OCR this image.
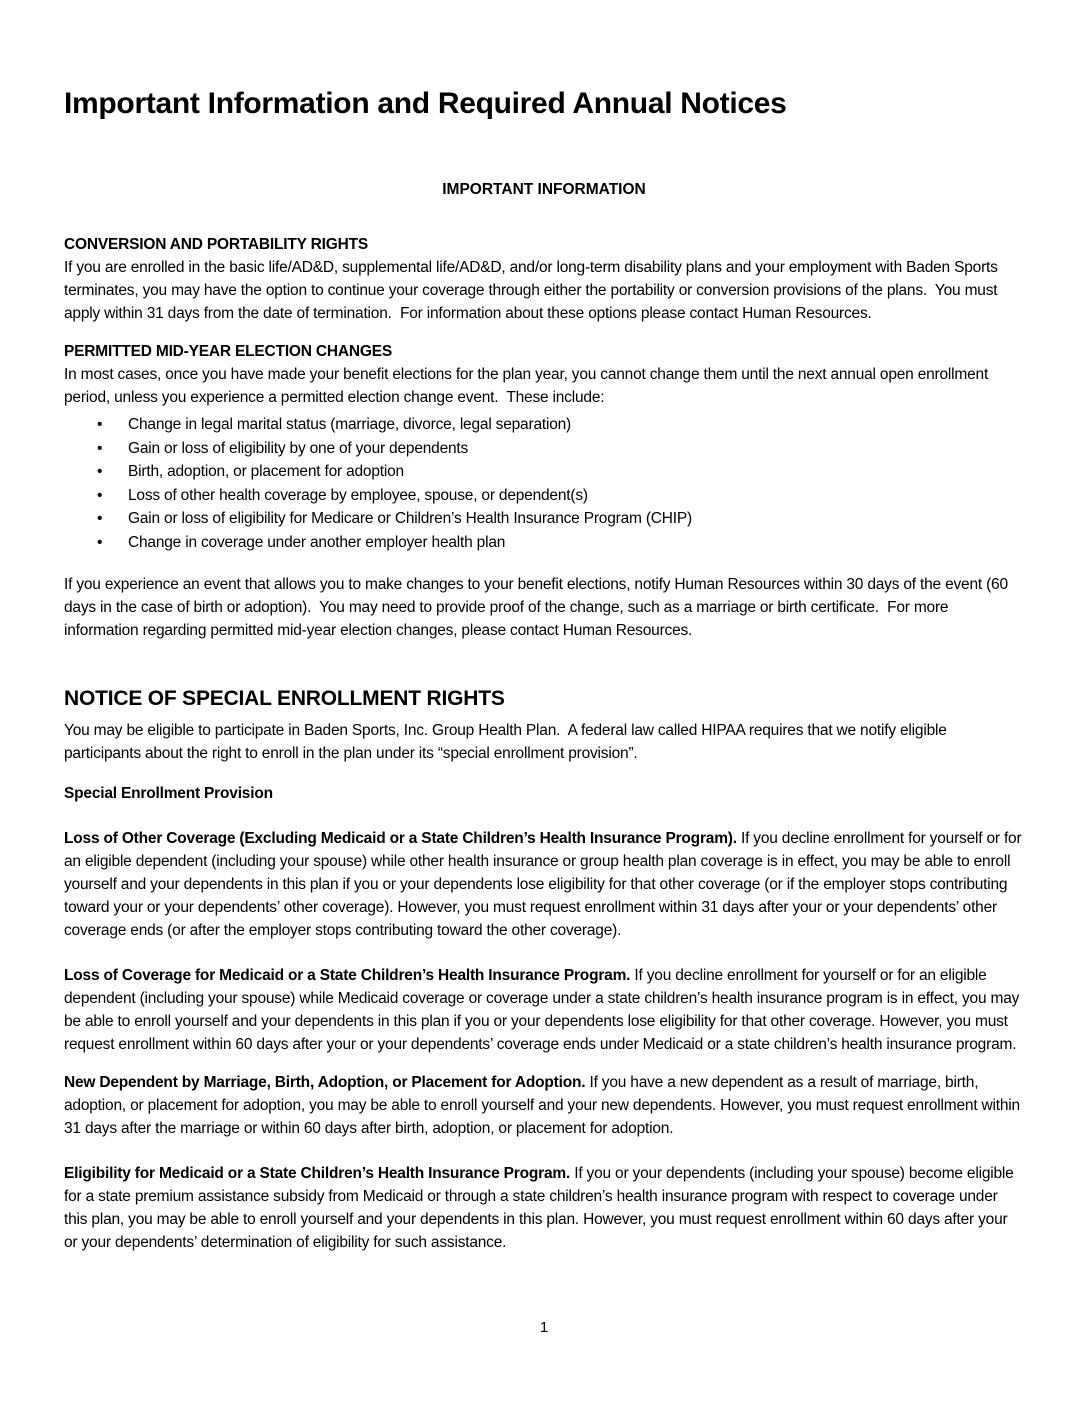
Important Information and Required Annual Notices
IMPORTANT INFORMATION
CONVERSION AND PORTABILITY RIGHTS

If you are enrolled in the basic life/AD&D, supplemental life/AD&D, and/or long-term disability plans and your employment with Baden Sports terminates, you may have the option to continue your coverage through either the portability or conversion provisions of the plans.  You must apply within 31 days from the date of termination.  For information about these options please contact Human Resources.

PERMITTED MID-YEAR ELECTION CHANGES

In most cases, once you have made your benefit elections for the plan year, you cannot change them until the next annual open enrollment period, unless you experience a permitted election change event.  These include:

• Change in legal marital status (marriage, divorce, legal separation)
• Gain or loss of eligibility by one of your dependents
• Birth, adoption, or placement for adoption
• Loss of other health coverage by employee, spouse, or dependent(s)
• Gain or loss of eligibility for Medicare or Children’s Health Insurance Program (CHIP)
• Change in coverage under another employer health plan

If you experience an event that allows you to make changes to your benefit elections, notify Human Resources within 30 days of the event (60 days in the case of birth or adoption).  You may need to provide proof of the change, such as a marriage or birth certificate.  For more information regarding permitted mid-year election changes, please contact Human Resources.

NOTICE OF SPECIAL ENROLLMENT RIGHTS

You may be eligible to participate in Baden Sports, Inc. Group Health Plan.  A federal law called HIPAA requires that we notify eligible participants about the right to enroll in the plan under its “special enrollment provision”.

Special Enrollment Provision

Loss of Other Coverage (Excluding Medicaid or a State Children’s Health Insurance Program). If you decline enrollment for yourself or for an eligible dependent (including your spouse) while other health insurance or group health plan coverage is in effect, you may be able to enroll yourself and your dependents in this plan if you or your dependents lose eligibility for that other coverage (or if the employer stops contributing toward your or your dependents’ other coverage). However, you must request enrollment within 31 days after your or your dependents’ other coverage ends (or after the employer stops contributing toward the other coverage).

Loss of Coverage for Medicaid or a State Children’s Health Insurance Program. If you decline enrollment for yourself or for an eligible dependent (including your spouse) while Medicaid coverage or coverage under a state children’s health insurance program is in effect, you may be able to enroll yourself and your dependents in this plan if you or your dependents lose eligibility for that other coverage. However, you must request enrollment within 60 days after your or your dependents’ coverage ends under Medicaid or a state children’s health insurance program.

New Dependent by Marriage, Birth, Adoption, or Placement for Adoption. If you have a new dependent as a result of marriage, birth, adoption, or placement for adoption, you may be able to enroll yourself and your new dependents. However, you must request enrollment within 31 days after the marriage or within 60 days after birth, adoption, or placement for adoption.

Eligibility for Medicaid or a State Children’s Health Insurance Program. If you or your dependents (including your spouse) become eligible for a state premium assistance subsidy from Medicaid or through a state children’s health insurance program with respect to coverage under this plan, you may be able to enroll yourself and your dependents in this plan. However, you must request enrollment within 60 days after your or your dependents’ determination of eligibility for such assistance.

1
